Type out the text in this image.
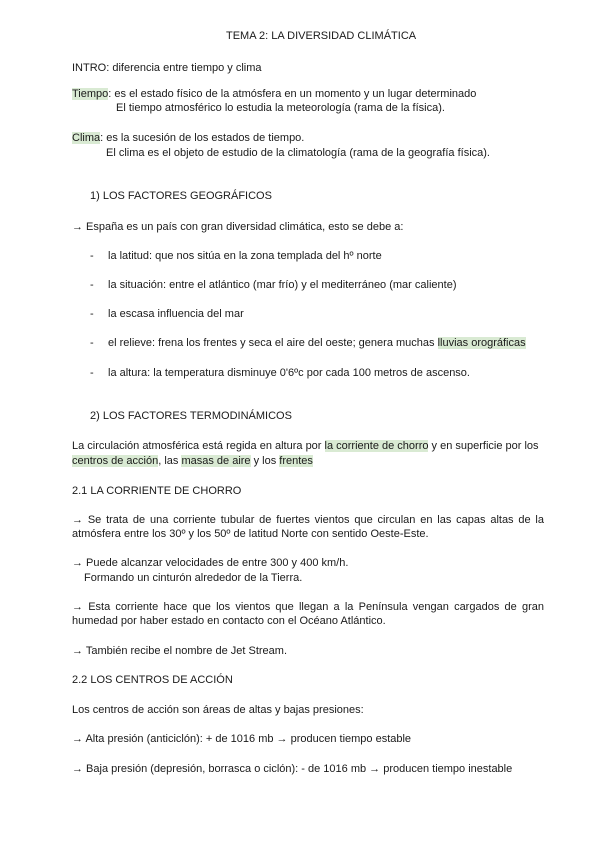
TEMA 2: LA DIVERSIDAD CLIMÁTICA
INTRO: diferencia entre tiempo y clima
Tiempo: es el estado físico de la atmósfera en un momento y un lugar determinado
El tiempo atmosférico lo estudia la meteorología (rama de la física).
Clima: es la sucesión de los estados de tiempo.
El clima es el objeto de estudio de la climatología (rama de la geografía física).
1) LOS FACTORES GEOGRÁFICOS
→ España es un país con gran diversidad climática, esto se debe a:
- la latitud: que nos sitúa en la zona templada del hº norte
- la situación: entre el atlántico (mar frío) y el mediterráneo (mar caliente)
- la escasa influencia del mar
- el relieve: frena los frentes y seca el aire del oeste; genera muchas lluvias orográficas
- la altura: la temperatura disminuye 0'6ºc por cada 100 metros de ascenso.
2) LOS FACTORES TERMODINÁMICOS
La circulación atmosférica está regida en altura por la corriente de chorro y en superficie por los
centros de acción, las masas de aire y los frentes
2.1 LA CORRIENTE DE CHORRO
→ Se trata de una corriente tubular de fuertes vientos que circulan en las capas altas de la atmósfera entre los 30º y los 50º de latitud Norte con sentido Oeste-Este.
→ Puede alcanzar velocidades de entre 300 y 400 km/h.
Formando un cinturón alrededor de la Tierra.
→ Esta corriente hace que los vientos que llegan a la Península vengan cargados de gran humedad por haber estado en contacto con el Océano Atlántico.
→ También recibe el nombre de Jet Stream.
2.2 LOS CENTROS DE ACCIÓN
Los centros de acción son áreas de altas y bajas presiones:
→ Alta presión (anticiclón): + de 1016 mb → producen tiempo estable
→ Baja presión (depresión, borrasca o ciclón): - de 1016 mb → producen tiempo inestable
